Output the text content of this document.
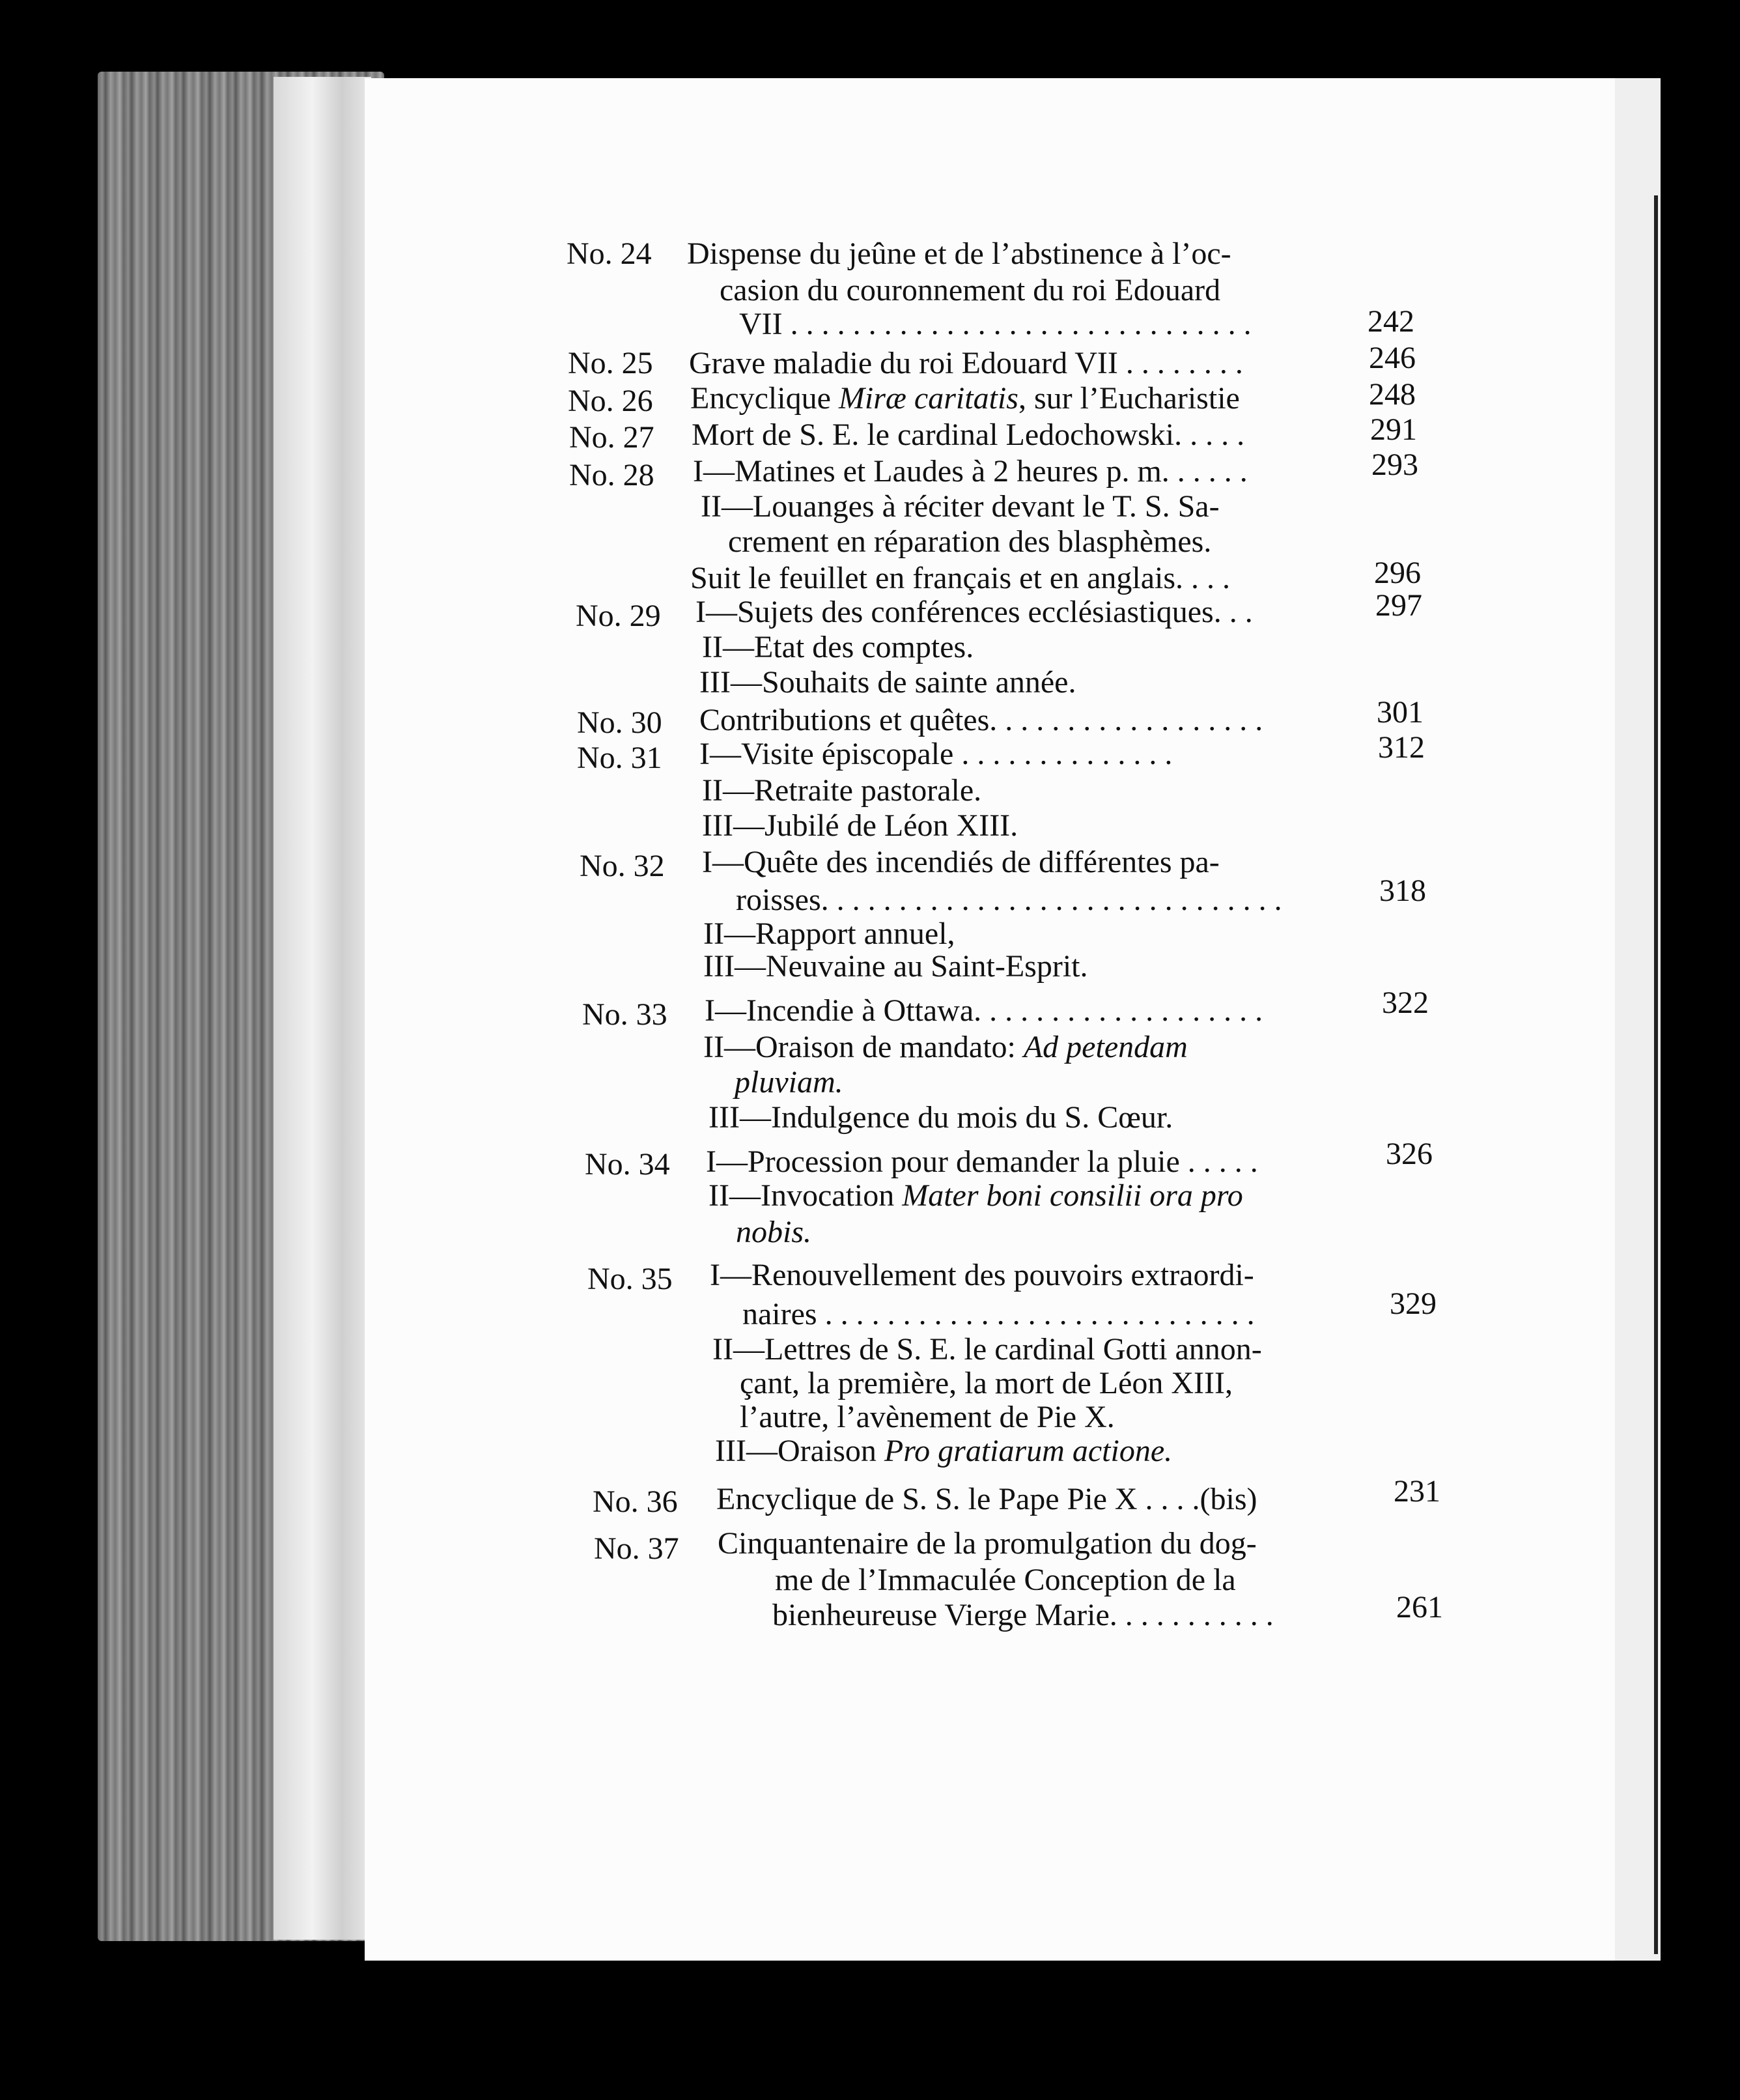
No. 24 Dispense du jeûne et de l’abstinence à l’oc-
casion du couronnement du roi Edouard
VII . . . . . . . . . . . . . . . . . . . . . . . . . . . . . .	242
No. 25 Grave maladie du roi Edouard VII . . . . . . . .	246
No. 26 Encyclique Miræ caritatis, sur l’Eucharistie	248
No. 27 Mort de S. E. le cardinal Ledochowski. . . . .	291
No. 28 I—Matines et Laudes à 2 heures p. m. . . . . .	293
II—Louanges à réciter devant le T. S. Sa-
crement en réparation des blasphèmes.
Suit le feuillet en français et en anglais. . . .	296
No. 29 I—Sujets des conférences ecclésiastiques. . .	297
II—Etat des comptes.
III—Souhaits de sainte année.
No. 30 Contributions et quêtes. . . . . . . . . . . . . . . . . .	301
No. 31 I—Visite épiscopale . . . . . . . . . . . . . .	312
II—Retraite pastorale.
III—Jubilé de Léon XIII.
No. 32 I—Quête des incendiés de différentes pa-
roisses. . . . . . . . . . . . . . . . . . . . . . . . . . . . . .	318
II—Rapport annuel,
III—Neuvaine au Saint-Esprit.
No. 33 I—Incendie à Ottawa. . . . . . . . . . . . . . . . . . .	322
II—Oraison de mandato: Ad petendam
pluviam.
III—Indulgence du mois du S. Cœur.
No. 34 I—Procession pour demander la pluie . . . . .	326
II—Invocation Mater boni consilii ora pro
nobis.
No. 35 I—Renouvellement des pouvoirs extraordi-
naires . . . . . . . . . . . . . . . . . . . . . . . . . . . .	329
II—Lettres de S. E. le cardinal Gotti annon-
çant, la première, la mort de Léon XIII,
l’autre, l’avènement de Pie X.
III—Oraison Pro gratiarum actione.
No. 36 Encyclique de S. S. le Pape Pie X . . . .(bis)	231
No. 37 Cinquantenaire de la promulgation du dog-
me de l’Immaculée Conception de la
bienheureuse Vierge Marie. . . . . . . . . . .	261
